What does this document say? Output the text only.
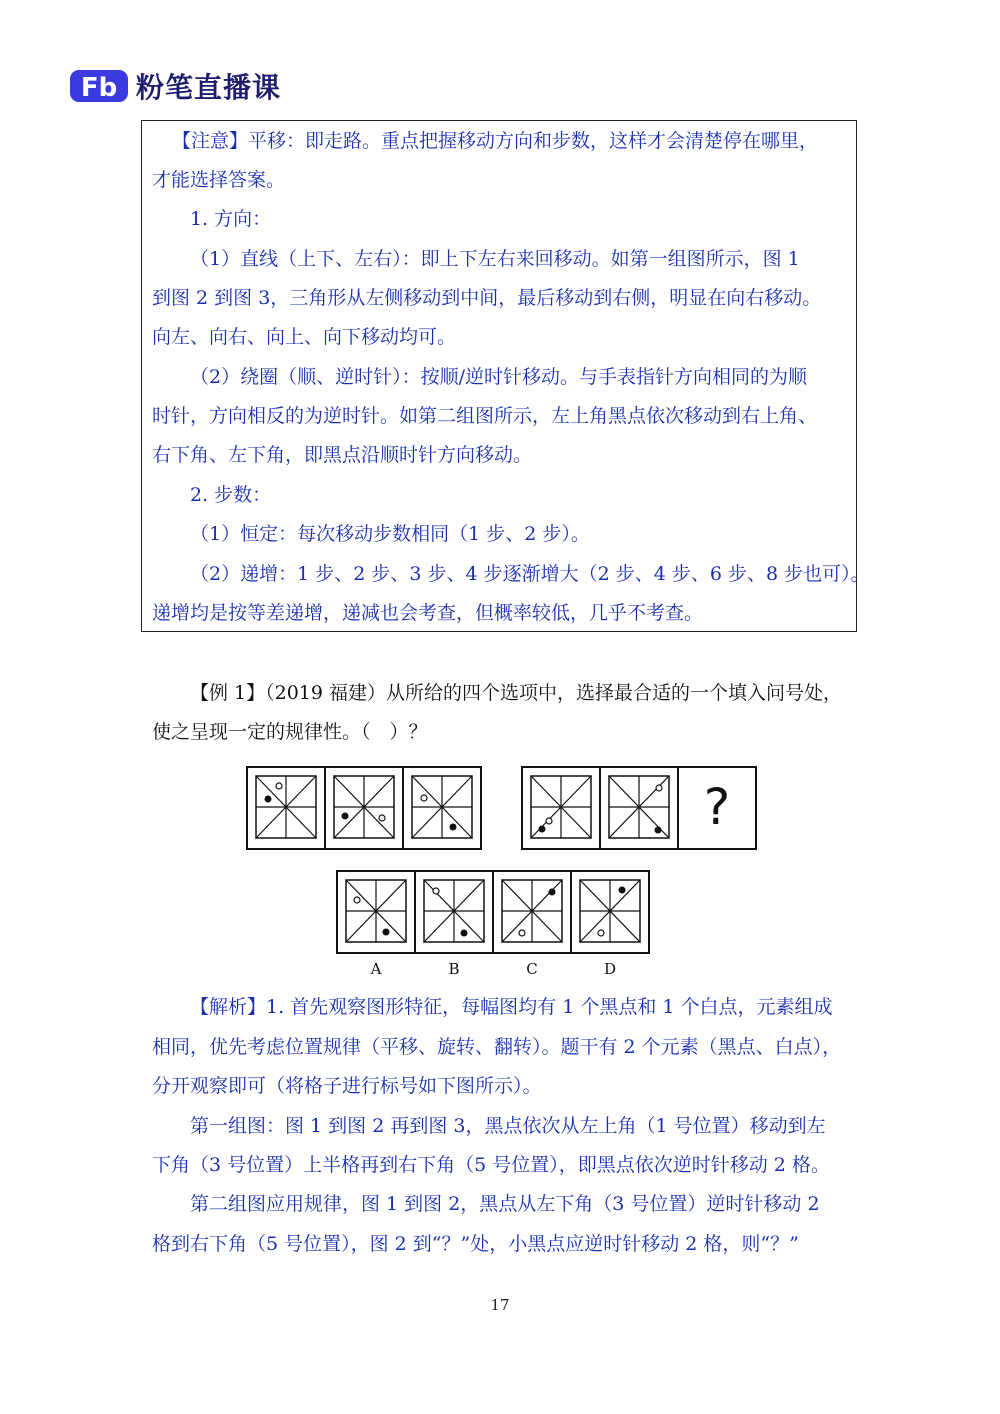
Fb 粉笔直播课
【注意】平移：即走路。重点把握移动方向和步数，这样才会清楚停在哪里，
才能选择答案。
1. 方向：
（1）直线（上下、左右）：即上下左右来回移动。如第一组图所示，图 1
到图 2 到图 3，三角形从左侧移动到中间，最后移动到右侧，明显在向右移动。
向左、向右、向上、向下移动均可。
（2）绕圈（顺、逆时针）：按顺/逆时针移动。与手表指针方向相同的为顺
时针，方向相反的为逆时针。如第二组图所示，左上角黑点依次移动到右上角、
右下角、左下角，即黑点沿顺时针方向移动。
2. 步数：
（1）恒定：每次移动步数相同（1 步、2 步）。
（2）递增：1 步、2 步、3 步、4 步逐渐增大（2 步、4 步、6 步、8 步也可）。
递增均是按等差递增，递减也会考查，但概率较低，几乎不考查。
【例 1】（2019 福建）从所给的四个选项中，选择最合适的一个填入问号处，
使之呈现一定的规律性。（　）？
?
A	B	C	D
【解析】1. 首先观察图形特征，每幅图均有 1 个黑点和 1 个白点，元素组成
相同，优先考虑位置规律（平移、旋转、翻转）。题干有 2 个元素（黑点、白点），
分开观察即可（将格子进行标号如下图所示）。
第一组图：图 1 到图 2 再到图 3，黑点依次从左上角（1 号位置）移动到左
下角（3 号位置）上半格再到右下角（5 号位置），即黑点依次逆时针移动 2 格。
第二组图应用规律，图 1 到图 2，黑点从左下角（3 号位置）逆时针移动 2
格到右下角（5 号位置），图 2 到“？”处，小黑点应逆时针移动 2 格，则“？”
17
